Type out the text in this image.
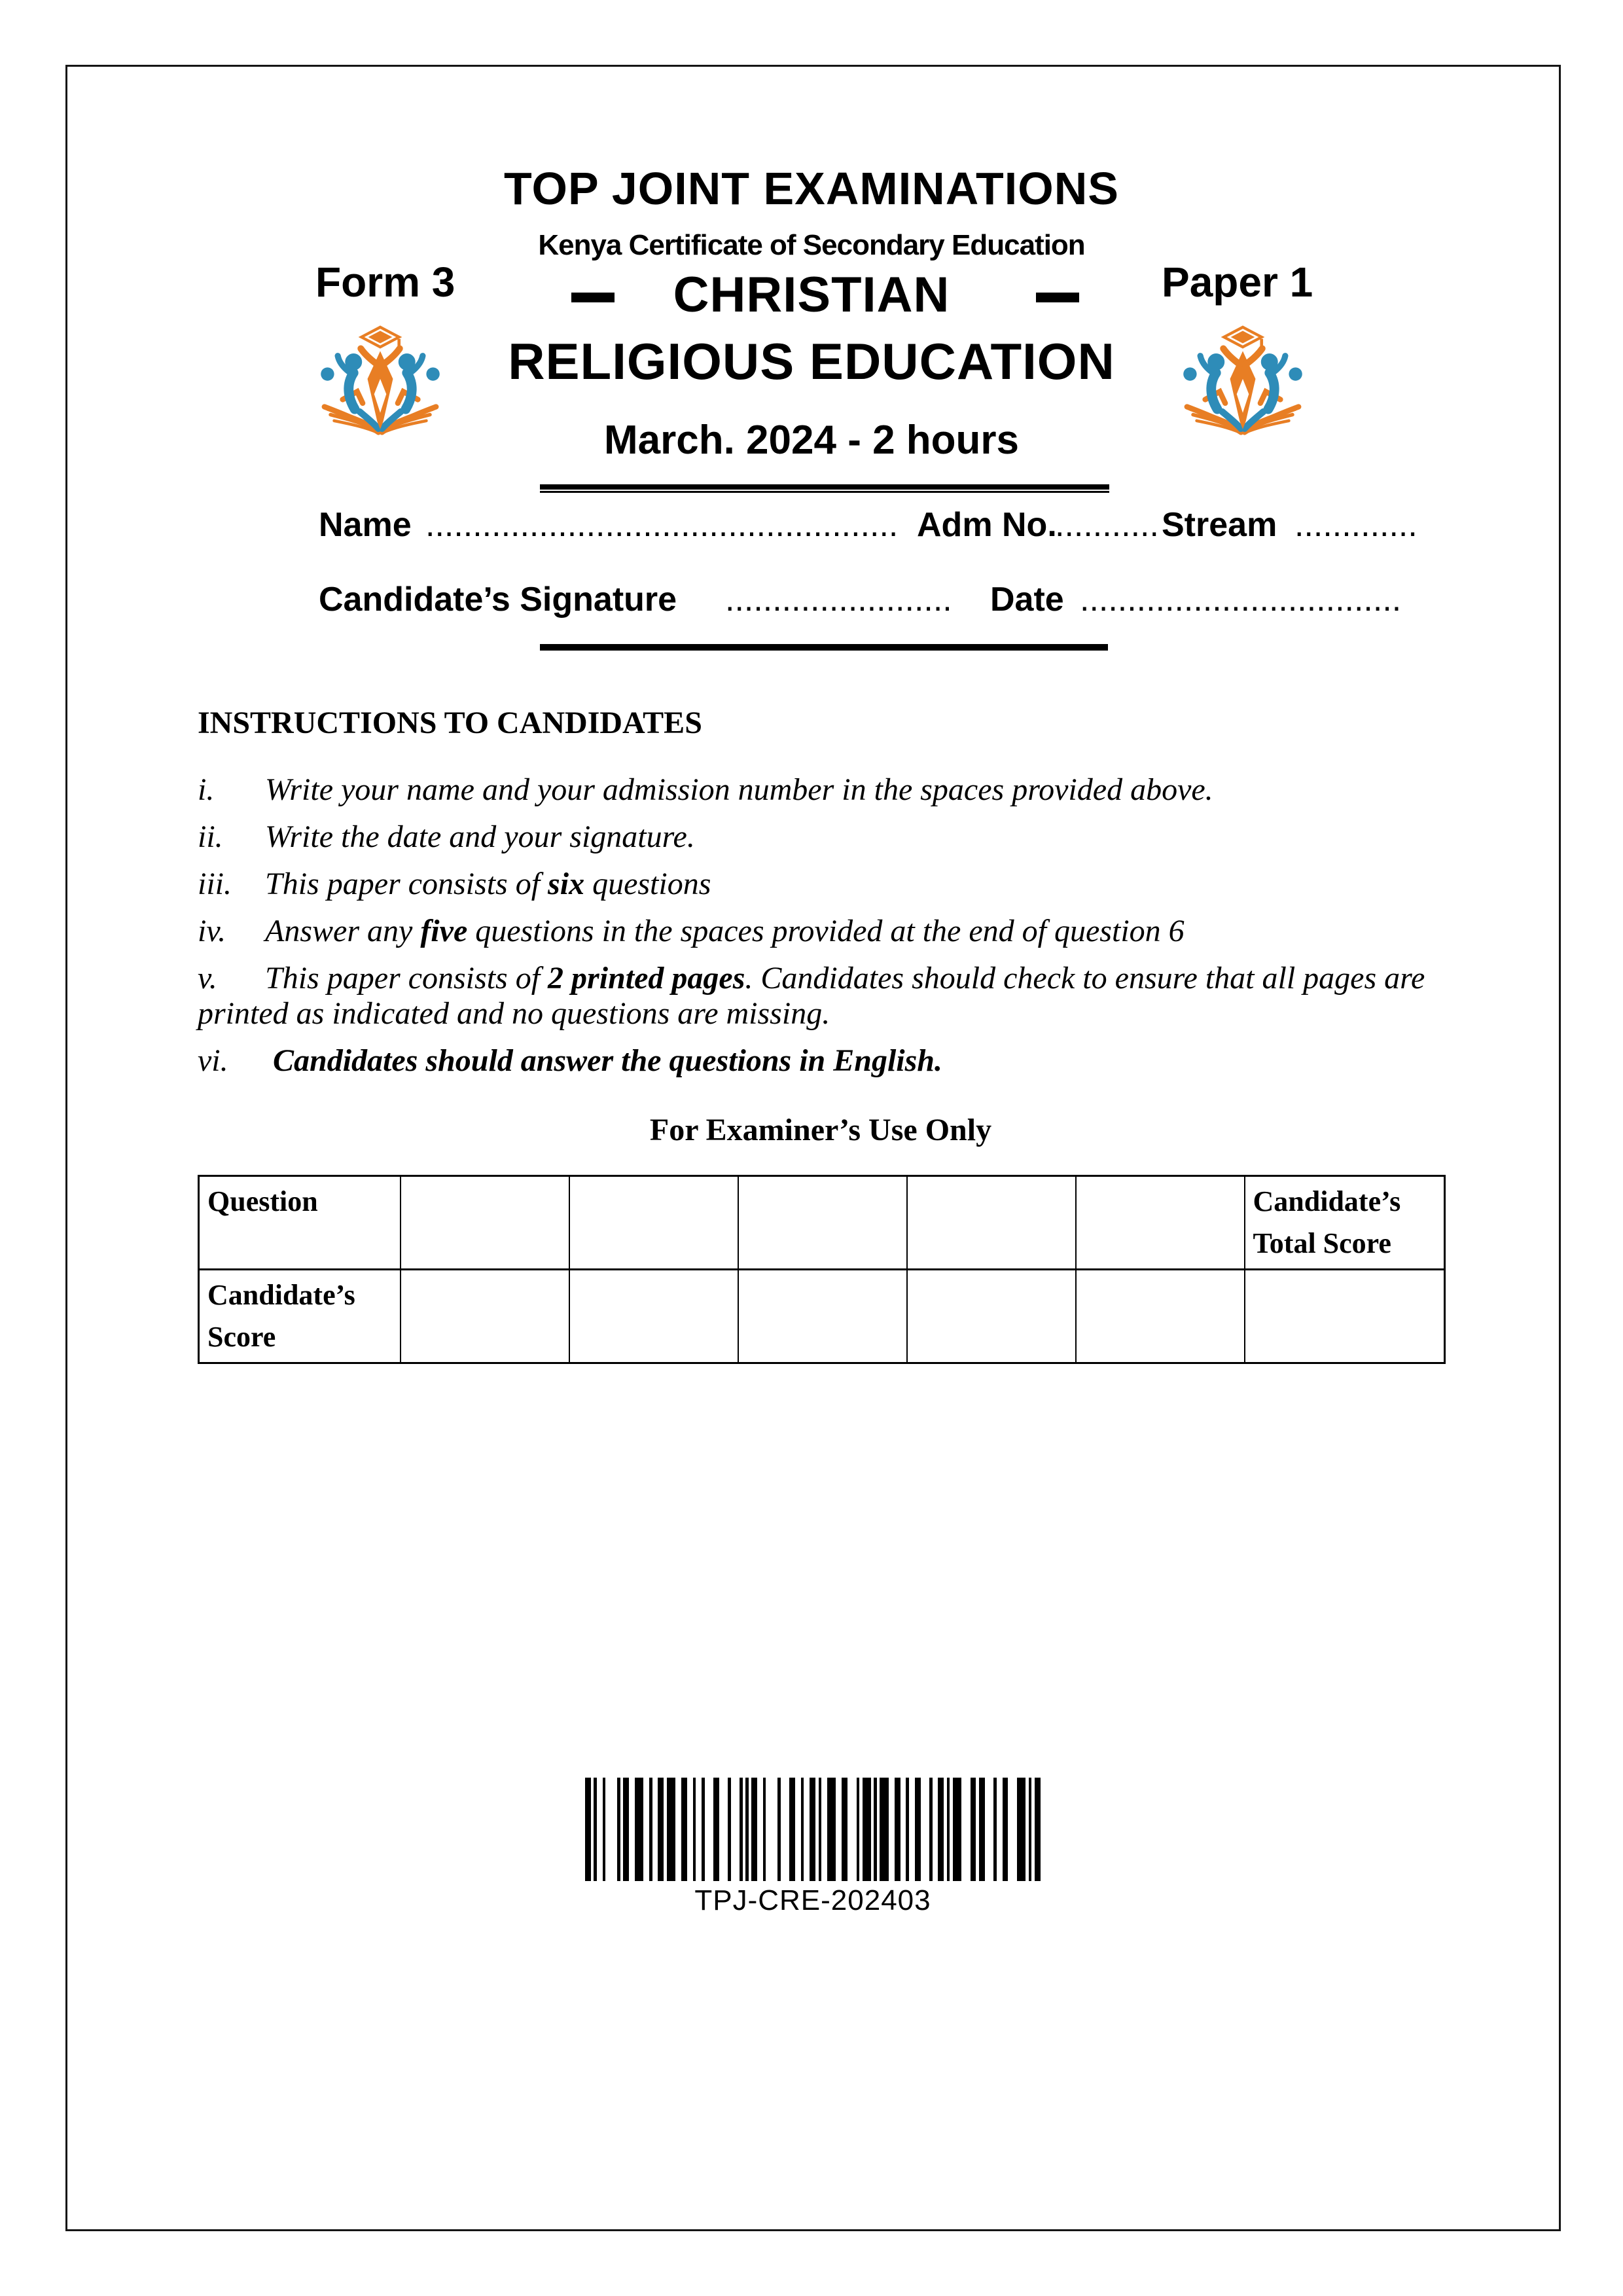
TOP JOINT EXAMINATIONS
Kenya Certificate of Secondary Education
Form 3	Paper 1
CHRISTIAN
RELIGIOUS EDUCATION
March. 2024 - 2 hours
Name .................................................. Adm No.
........... Stream .............
Candidate’s Signature ........................ Date ..................................
INSTRUCTIONS TO CANDIDATES
i. Write your name and your admission number in the spaces provided above.
ii. Write the date and your signature.
iii. This paper consists of six questions
iv. Answer any five questions in the spaces provided at the end of question 6
v. This paper consists of 2 printed pages. Candidates should check to ensure that all pages are printed as indicated and no questions are missing.
vi. Candidates should answer the questions in English.
For Examiner’s Use Only
Question						Candidate’s Total Score
Candidate’s Score						
TPJ-CRE-202403
